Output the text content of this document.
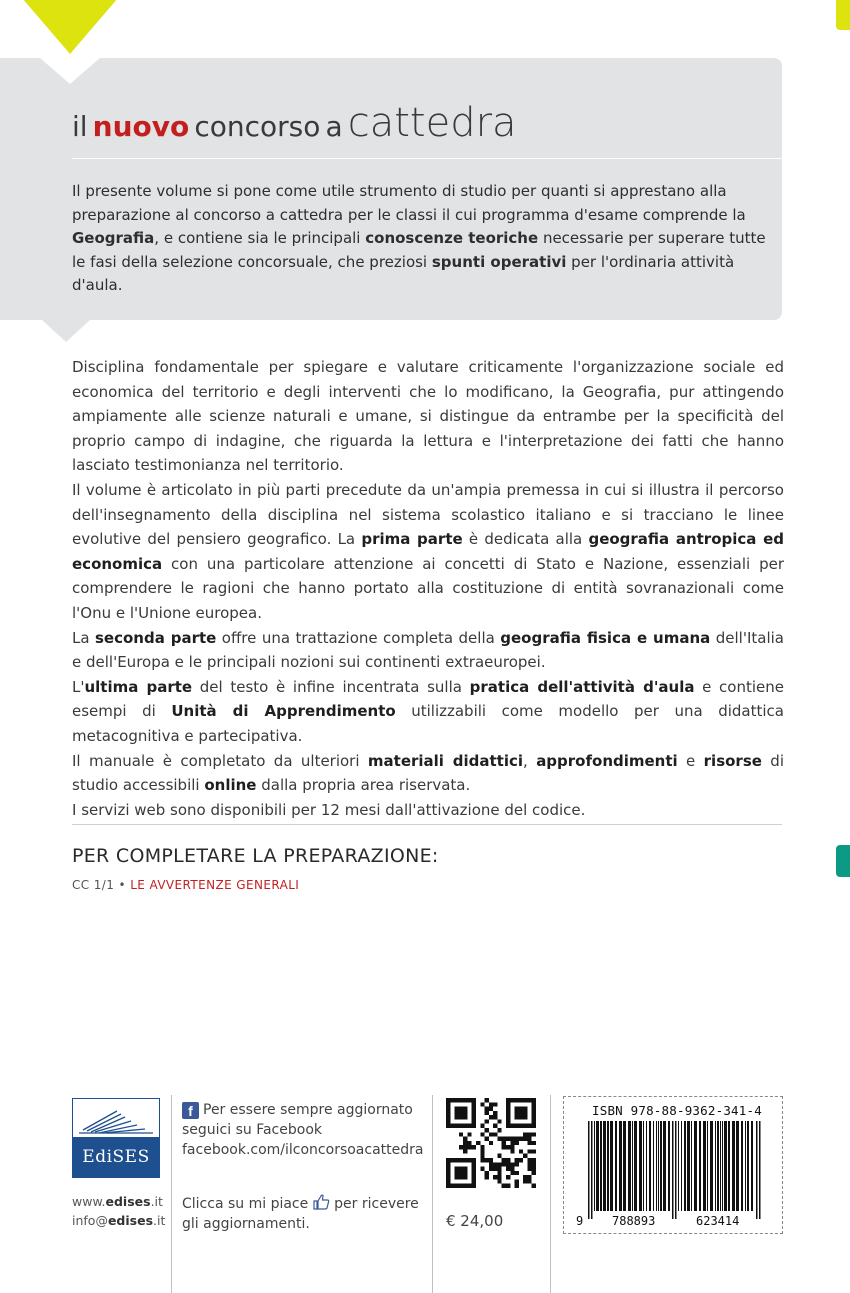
il nuovo concorso a cattedra
Il presente volume si pone come utile strumento di studio per quanti si apprestano alla preparazione al concorso a cattedra per le classi il cui programma d'esame comprende la Geografia, e contiene sia le principali conoscenze teoriche necessarie per superare tutte le fasi della selezione concorsuale, che preziosi spunti operativi per l'ordinaria attività d'aula.

Disciplina fondamentale per spiegare e valutare criticamente l'organizzazione sociale ed economica del territorio e degli interventi che lo modificano, la Geografia, pur attingendo ampiamente alle scienze naturali e umane, si distingue da entrambe per la specificità del proprio campo di indagine, che riguarda la lettura e l'interpretazione dei fatti che hanno lasciato testimonianza nel territorio.

Il volume è articolato in più parti precedute da un'ampia premessa in cui si illustra il percorso dell'insegnamento della disciplina nel sistema scolastico italiano e si tracciano le linee evolutive del pensiero geografico. La prima parte è dedicata alla geografia antropica ed economica con una particolare attenzione ai concetti di Stato e Nazione, essenziali per comprendere le ragioni che hanno portato alla costituzione di entità sovranazionali come l'Onu e l'Unione europea.

La seconda parte offre una trattazione completa della geografia fisica e umana dell'Italia e dell'Europa e le principali nozioni sui continenti extraeuropei.

L'ultima parte del testo è infine incentrata sulla pratica dell'attività d'aula e contiene esempi di Unità di Apprendimento utilizzabili come modello per una didattica metacognitiva e partecipativa.

Il manuale è completato da ulteriori materiali didattici, approfondimenti e risorse di studio accessibili online dalla propria area riservata.

I servizi web sono disponibili per 12 mesi dall'attivazione del codice.

PER COMPLETARE LA PREPARAZIONE:
CC 1/1 • LE AVVERTENZE GENERALI
EdiSES
www.edises.it
info@edises.it
f Per essere sempre aggiornato
seguici su Facebook
facebook.com/ilconcorsoacattedra
Clicca su mi piace  per ricevere gli aggiornamenti.	€ 24,00
ISBN 978-88-9362-341-4
9 788893	623414
